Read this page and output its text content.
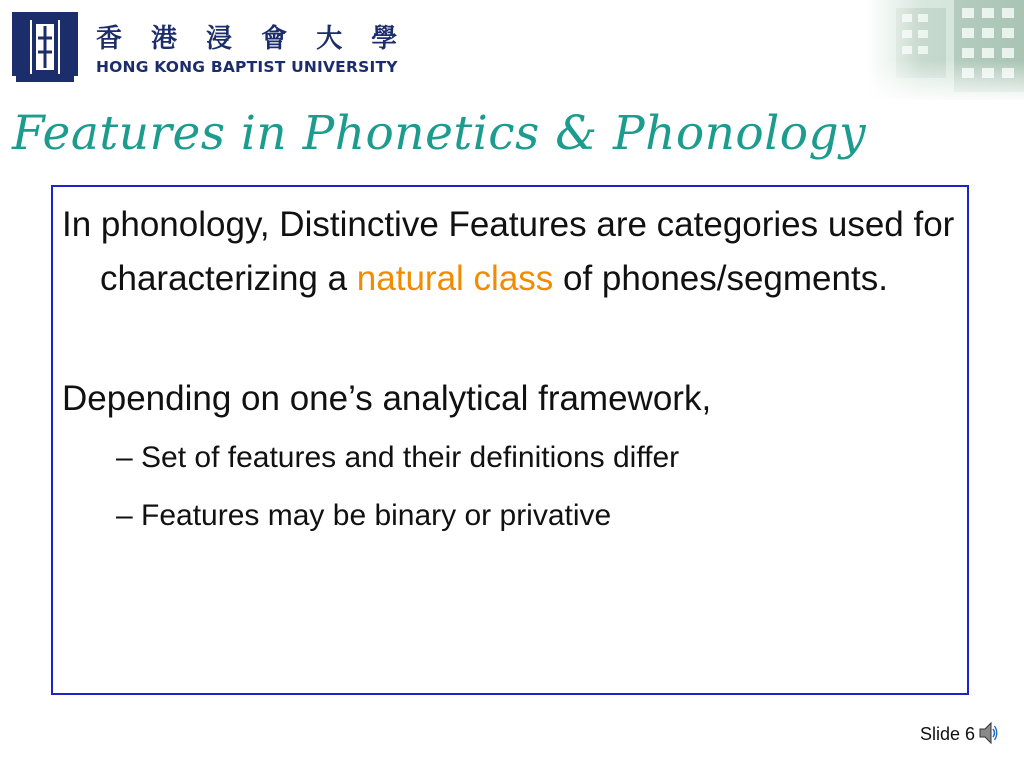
香 港 浸 會 大 學
HONG KONG BAPTIST UNIVERSITY
Features in Phonetics & Phonology

In phonology, Distinctive Features are categories used for characterizing a natural class of phones/segments.

Depending on one’s analytical framework,

– Set of features and their definitions differ

– Features may be binary or privative

Slide 6
